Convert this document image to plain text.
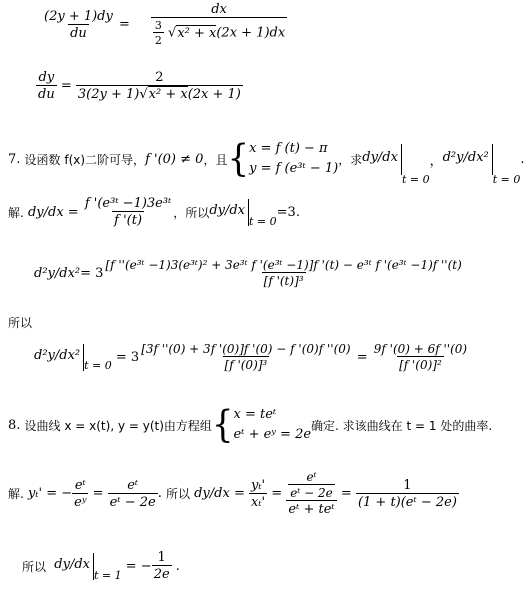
$\frac{(2y + 1)dy}{du} = \frac{dx}{\frac{3}{2} √x^2 + x(2x + 1)dx}$
$\frac{dy}{du} = \frac{2}{\text{3(2y + 1)√x² + x(2x + 1)}}$
7.
设函数 f(x)二阶可导， f '(0) ≠ 0 ，且 { x = f (t) − π
y = f (e³ᵗ − 1)
，求 dy/dx
t = 0
， d²y/dx²
t = 0
.
解.
$dy/dx = \frac{\text{f '(e³ᵗ −1)3e³ᵗ}}{f '(t)}$ ，所以 dy/dx
t = 0
=3.
d²y/dx² = 3
[f ''(e³ᵗ −1)3(e³ᵗ)² + 3e³ᵗ f '(e³ᵗ −1)]f '(t) − e³ᵗ f '(e³ᵗ −1)f ''(t)
[f '(t)]³
所以
d²y/dx²
t = 0
= $3 \frac{[3f ''(0) + 3f '(0)]f '(0) - f '(0)f ''(0)}{\text{[f '(0)]³}} = \frac{9f '(0) + 6f ''(0)}{\text{[f '(0)]²}}$
8.
设曲线 x = x(t), y = y(t)由方程组 { x = teᵗ
eᵗ + eʸ = 2e
确定. 求该曲线在 t = 1 处的曲率.
解.
yₜ' = − $\frac{\text{eᵗ}}{\text{eʸ}} = \frac{\text{eᵗ}}{\text{eᵗ − 2e}}$ . 所以
$dy/dx = \frac{\text{yₜ'}}{\text{xₜ'}} = \frac{\text{eᵗ}}{\text{eᵗ − 2e}}$
eᵗ + teᵗ
= $\frac{1}{\text{(1 + t)(eᵗ − 2e)}}$
所以
dy/dx
t = 1
= − $\frac{1}{2e}$ .
